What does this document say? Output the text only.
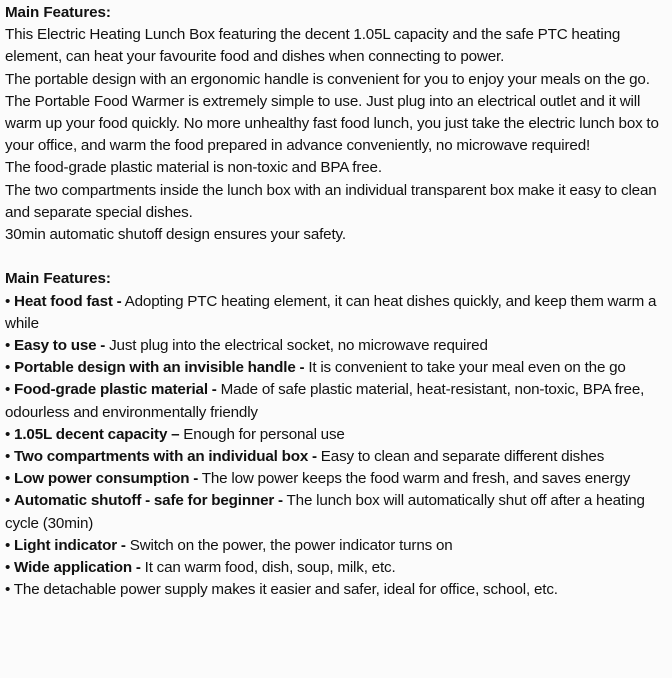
Main Features:

This Electric Heating Lunch Box featuring the decent 1.05L capacity and the safe PTC heating element, can heat your favourite food and dishes when connecting to power.

The portable design with an ergonomic handle is convenient for you to enjoy your meals on the go.

The Portable Food Warmer is extremely simple to use. Just plug into an electrical outlet and it will warm up your food quickly. No more unhealthy fast food lunch, you just take the electric lunch box to your office, and warm the food prepared in advance conveniently, no microwave required!

The food-grade plastic material is non-toxic and BPA free.

The two compartments inside the lunch box with an individual transparent box make it easy to clean and separate special dishes.

30min automatic shutoff design ensures your safety.

Main Features:

• Heat food fast - Adopting PTC heating element, it can heat dishes quickly, and keep them warm a while

• Easy to use - Just plug into the electrical socket, no microwave required

• Portable design with an invisible handle - It is convenient to take your meal even on the go

• Food-grade plastic material - Made of safe plastic material, heat-resistant, non-toxic, BPA free, odourless and environmentally friendly

• 1.05L decent capacity – Enough for personal use

• Two compartments with an individual box - Easy to clean and separate different dishes

• Low power consumption - The low power keeps the food warm and fresh, and saves energy

• Automatic shutoff - safe for beginner - The lunch box will automatically shut off after a heating cycle (30min)

• Light indicator - Switch on the power, the power indicator turns on

• Wide application - It can warm food, dish, soup, milk, etc.

• The detachable power supply makes it easier and safer, ideal for office, school, etc.
